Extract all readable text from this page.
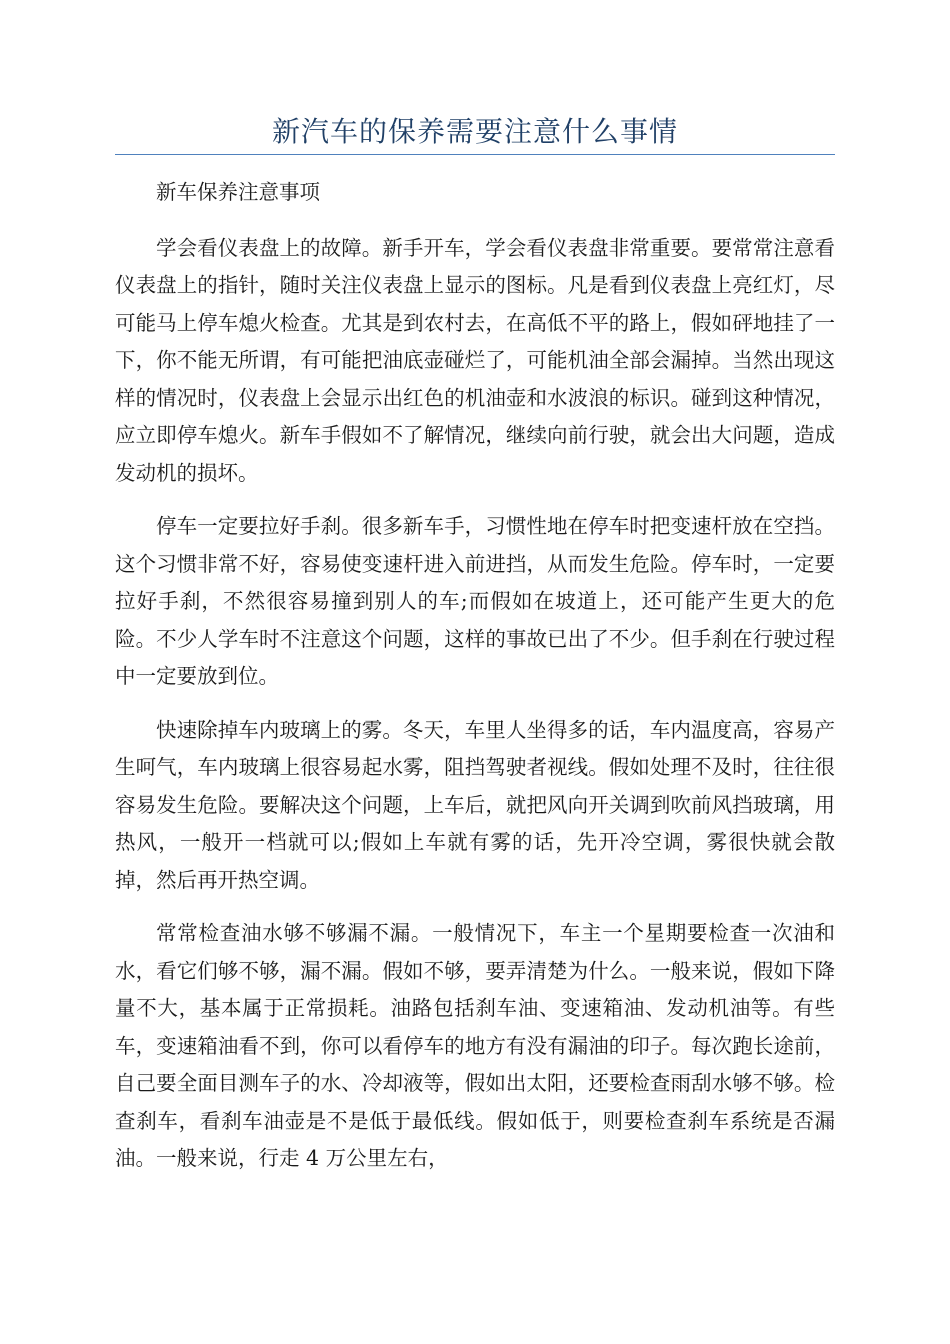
新汽车的保养需要注意什么事情

新车保养注意事项

学会看仪表盘上的故障。新手开车，学会看仪表盘非常重要。要常常注意看仪表盘上的指针，随时关注仪表盘上显示的图标。凡是看到仪表盘上亮红灯，尽可能马上停车熄火检查。尤其是到农村去，在高低不平的路上，假如砰地挂了一下，你不能无所谓，有可能把油底壶碰烂了，可能机油全部会漏掉。当然出现这样的情况时，仪表盘上会显示出红色的机油壶和水波浪的标识。碰到这种情况，应立即停车熄火。新车手假如不了解情况，继续向前行驶，就会出大问题，造成发动机的损坏。

停车一定要拉好手刹。很多新车手，习惯性地在停车时把变速杆放在空挡。这个习惯非常不好，容易使变速杆进入前进挡，从而发生危险。停车时，一定要拉好手刹，不然很容易撞到别人的车;而假如在坡道上，还可能产生更大的危险。不少人学车时不注意这个问题，这样的事故已出了不少。但手刹在行驶过程中一定要放到位。

快速除掉车内玻璃上的雾。冬天，车里人坐得多的话，车内温度高，容易产生呵气，车内玻璃上很容易起水雾，阻挡驾驶者视线。假如处理不及时，往往很容易发生危险。要解决这个问题，上车后，就把风向开关调到吹前风挡玻璃，用热风，一般开一档就可以;假如上车就有雾的话，先开冷空调，雾很快就会散掉，然后再开热空调。

常常检查油水够不够漏不漏。一般情况下，车主一个星期要检查一次油和水，看它们够不够，漏不漏。假如不够，要弄清楚为什么。一般来说，假如下降量不大，基本属于正常损耗。油路包括刹车油、变速箱油、发动机油等。有些车，变速箱油看不到，你可以看停车的地方有没有漏油的印子。每次跑长途前，自己要全面目测车子的水、冷却液等，假如出太阳，还要检查雨刮水够不够。检查刹车，看刹车油壶是不是低于最低线。假如低于，则要检查刹车系统是否漏油。一般来说，行走 4 万公里左右，
